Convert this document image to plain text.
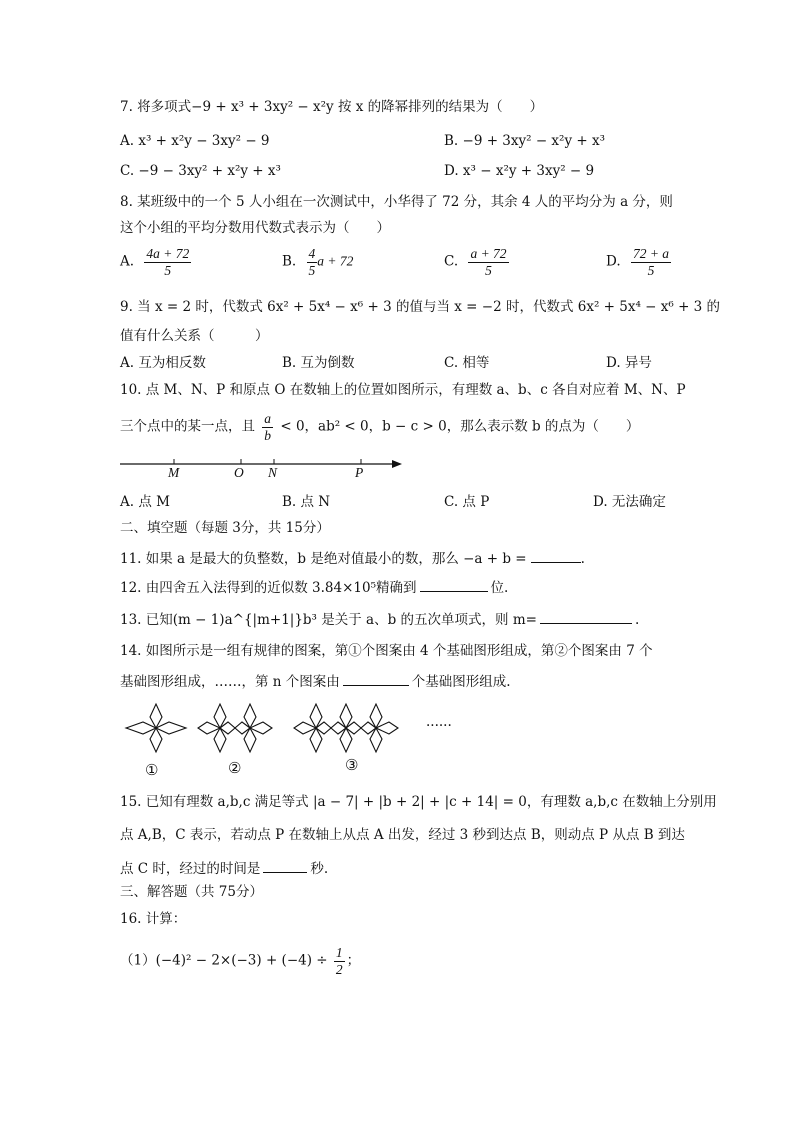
7. 将多项式−9 + x³ + 3xy² − x²y 按 x 的降幂排列的结果为（　　）
A. x³ + x²y − 3xy² − 9	B. −9 + 3xy² − x²y + x³
C. −9 − 3xy² + x²y + x³	D. x³ − x²y + 3xy² − 9
8. 某班级中的一个 5 人小组在一次测试中，小华得了 72 分，其余 4 人的平均分为 a 分，则
这个小组的平均分数用代数式表示为（　　）
A. $\frac{4a + 72}{5}$	B. $\frac{4}{5}$ a + 72	C. $\frac{a + 72}{5}$	D. $\frac{72 + a}{5}$
9. 当 x = 2 时，代数式 6x² + 5x⁴ − x⁶ + 3 的值与当 x = −2 时，代数式 6x² + 5x⁴ − x⁶ + 3 的
值有什么关系（　　　）
A. 互为相反数	B. 互为倒数	C. 相等	D. 异号
10. 点 M、N、P 和原点 O 在数轴上的位置如图所示，有理数 a、b、c 各自对应着 M、N、P
三个点中的某一点，且 $\frac{a}{b} < 0$，ab² < 0，b − c > 0，那么表示数 b 的点为（　　）
M	O N	P
A. 点 M	B. 点 N	C. 点 P	D. 无法确定
二、填空题（每题 3分，共 15分）
11. 如果 a 是最大的负整数，b 是绝对值最小的数，那么 −a + b =	.
12. 由四舍五入法得到的近似数 3.84×10⁵精确到	位.
13. 已知(m − 1)a^{|m+1|}b³ 是关于 a、b 的五次单项式，则 m=	.
14. 如图所示是一组有规律的图案，第①个图案由 4 个基础图形组成，第②个图案由 7 个
基础图形组成，……，第 n 个图案由	个基础图形组成.
......
①	②	③
15. 已知有理数 a,b,c 满足等式 |a − 7| + |b + 2| + |c + 14| = 0，有理数 a,b,c 在数轴上分别用
点 A,B，C 表示，若动点 P 在数轴上从点 A 出发，经过 3 秒到达点 B，则动点 P 从点 B 到达
点 C 时，经过的时间是	秒.
三、解答题（共 75分）
16. 计算：
$(1)(-4)^2 - 2\times(-3) + (-4) \div \frac{1}{2}$ ；
